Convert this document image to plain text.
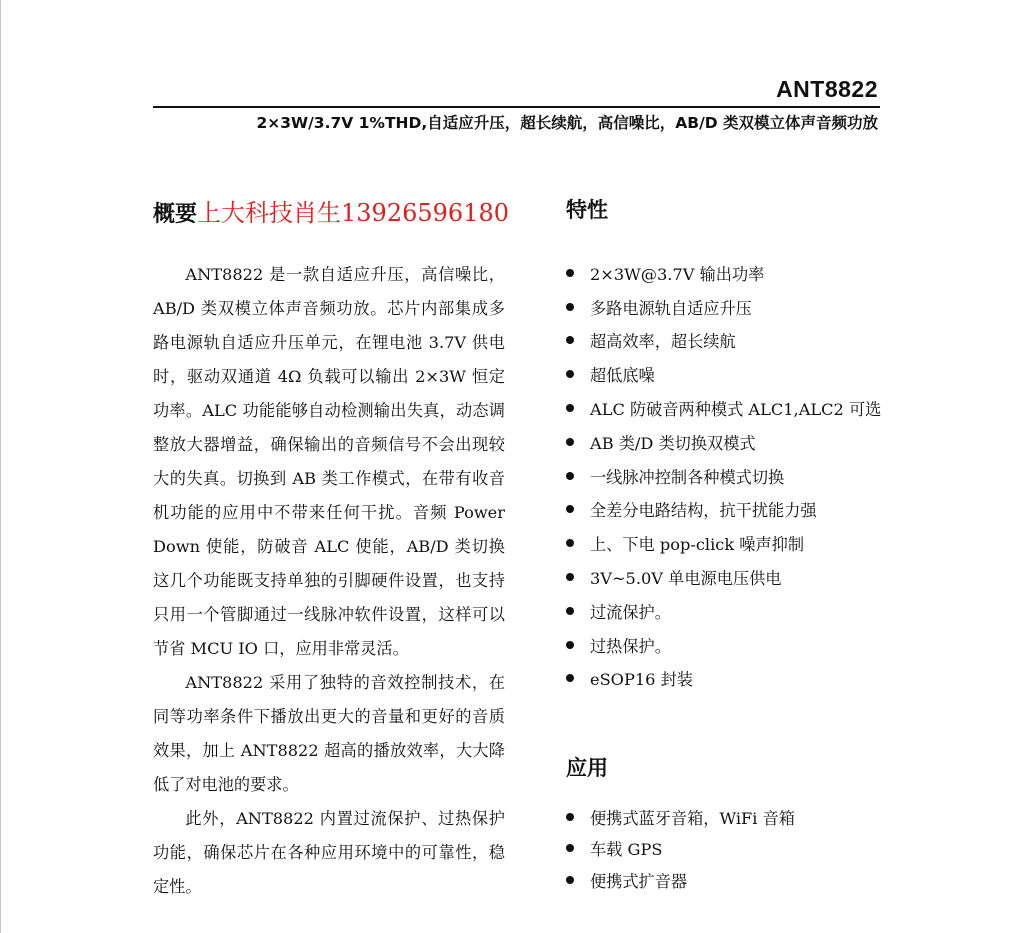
ANT8822
2×3W/3.7V 1%THD,自适应升压，超长续航，高信噪比，AB/D 类双模立体声音频功放
概要上大科技肖生13926596180

ANT8822 是一款自适应升压，高信噪比，AB/D 类双模立体声音频功放。芯片内部集成多路电源轨自适应升压单元，在锂电池 3.7V 供电时，驱动双通道 4Ω 负载可以输出 2×3W 恒定功率。ALC 功能能够自动检测输出失真，动态调整放大器增益，确保输出的音频信号不会出现较大的失真。切换到 AB 类工作模式，在带有收音机功能的应用中不带来任何干扰。音频 Power Down 使能，防破音 ALC 使能，AB/D 类切换这几个功能既支持单独的引脚硬件设置，也支持只用一个管脚通过一线脉冲软件设置，这样可以节省 MCU IO 口，应用非常灵活。

ANT8822 采用了独特的音效控制技术，在同等功率条件下播放出更大的音量和更好的音质效果，加上 ANT8822 超高的播放效率，大大降低了对电池的要求。

此外，ANT8822 内置过流保护、过热保护功能，确保芯片在各种应用环境中的可靠性，稳定性。

特性
2×3W@3.7V 输出功率
多路电源轨自适应升压
超高效率，超长续航
超低底噪
ALC 防破音两种模式 ALC1,ALC2 可选
AB 类/D 类切换双模式
一线脉冲控制各种模式切换
全差分电路结构，抗干扰能力强
上、下电 pop-click 噪声抑制
3V~5.0V 单电源电压供电
过流保护。
过热保护。
eSOP16 封装
应用
便携式蓝牙音箱，WiFi 音箱
车载 GPS
便携式扩音器
